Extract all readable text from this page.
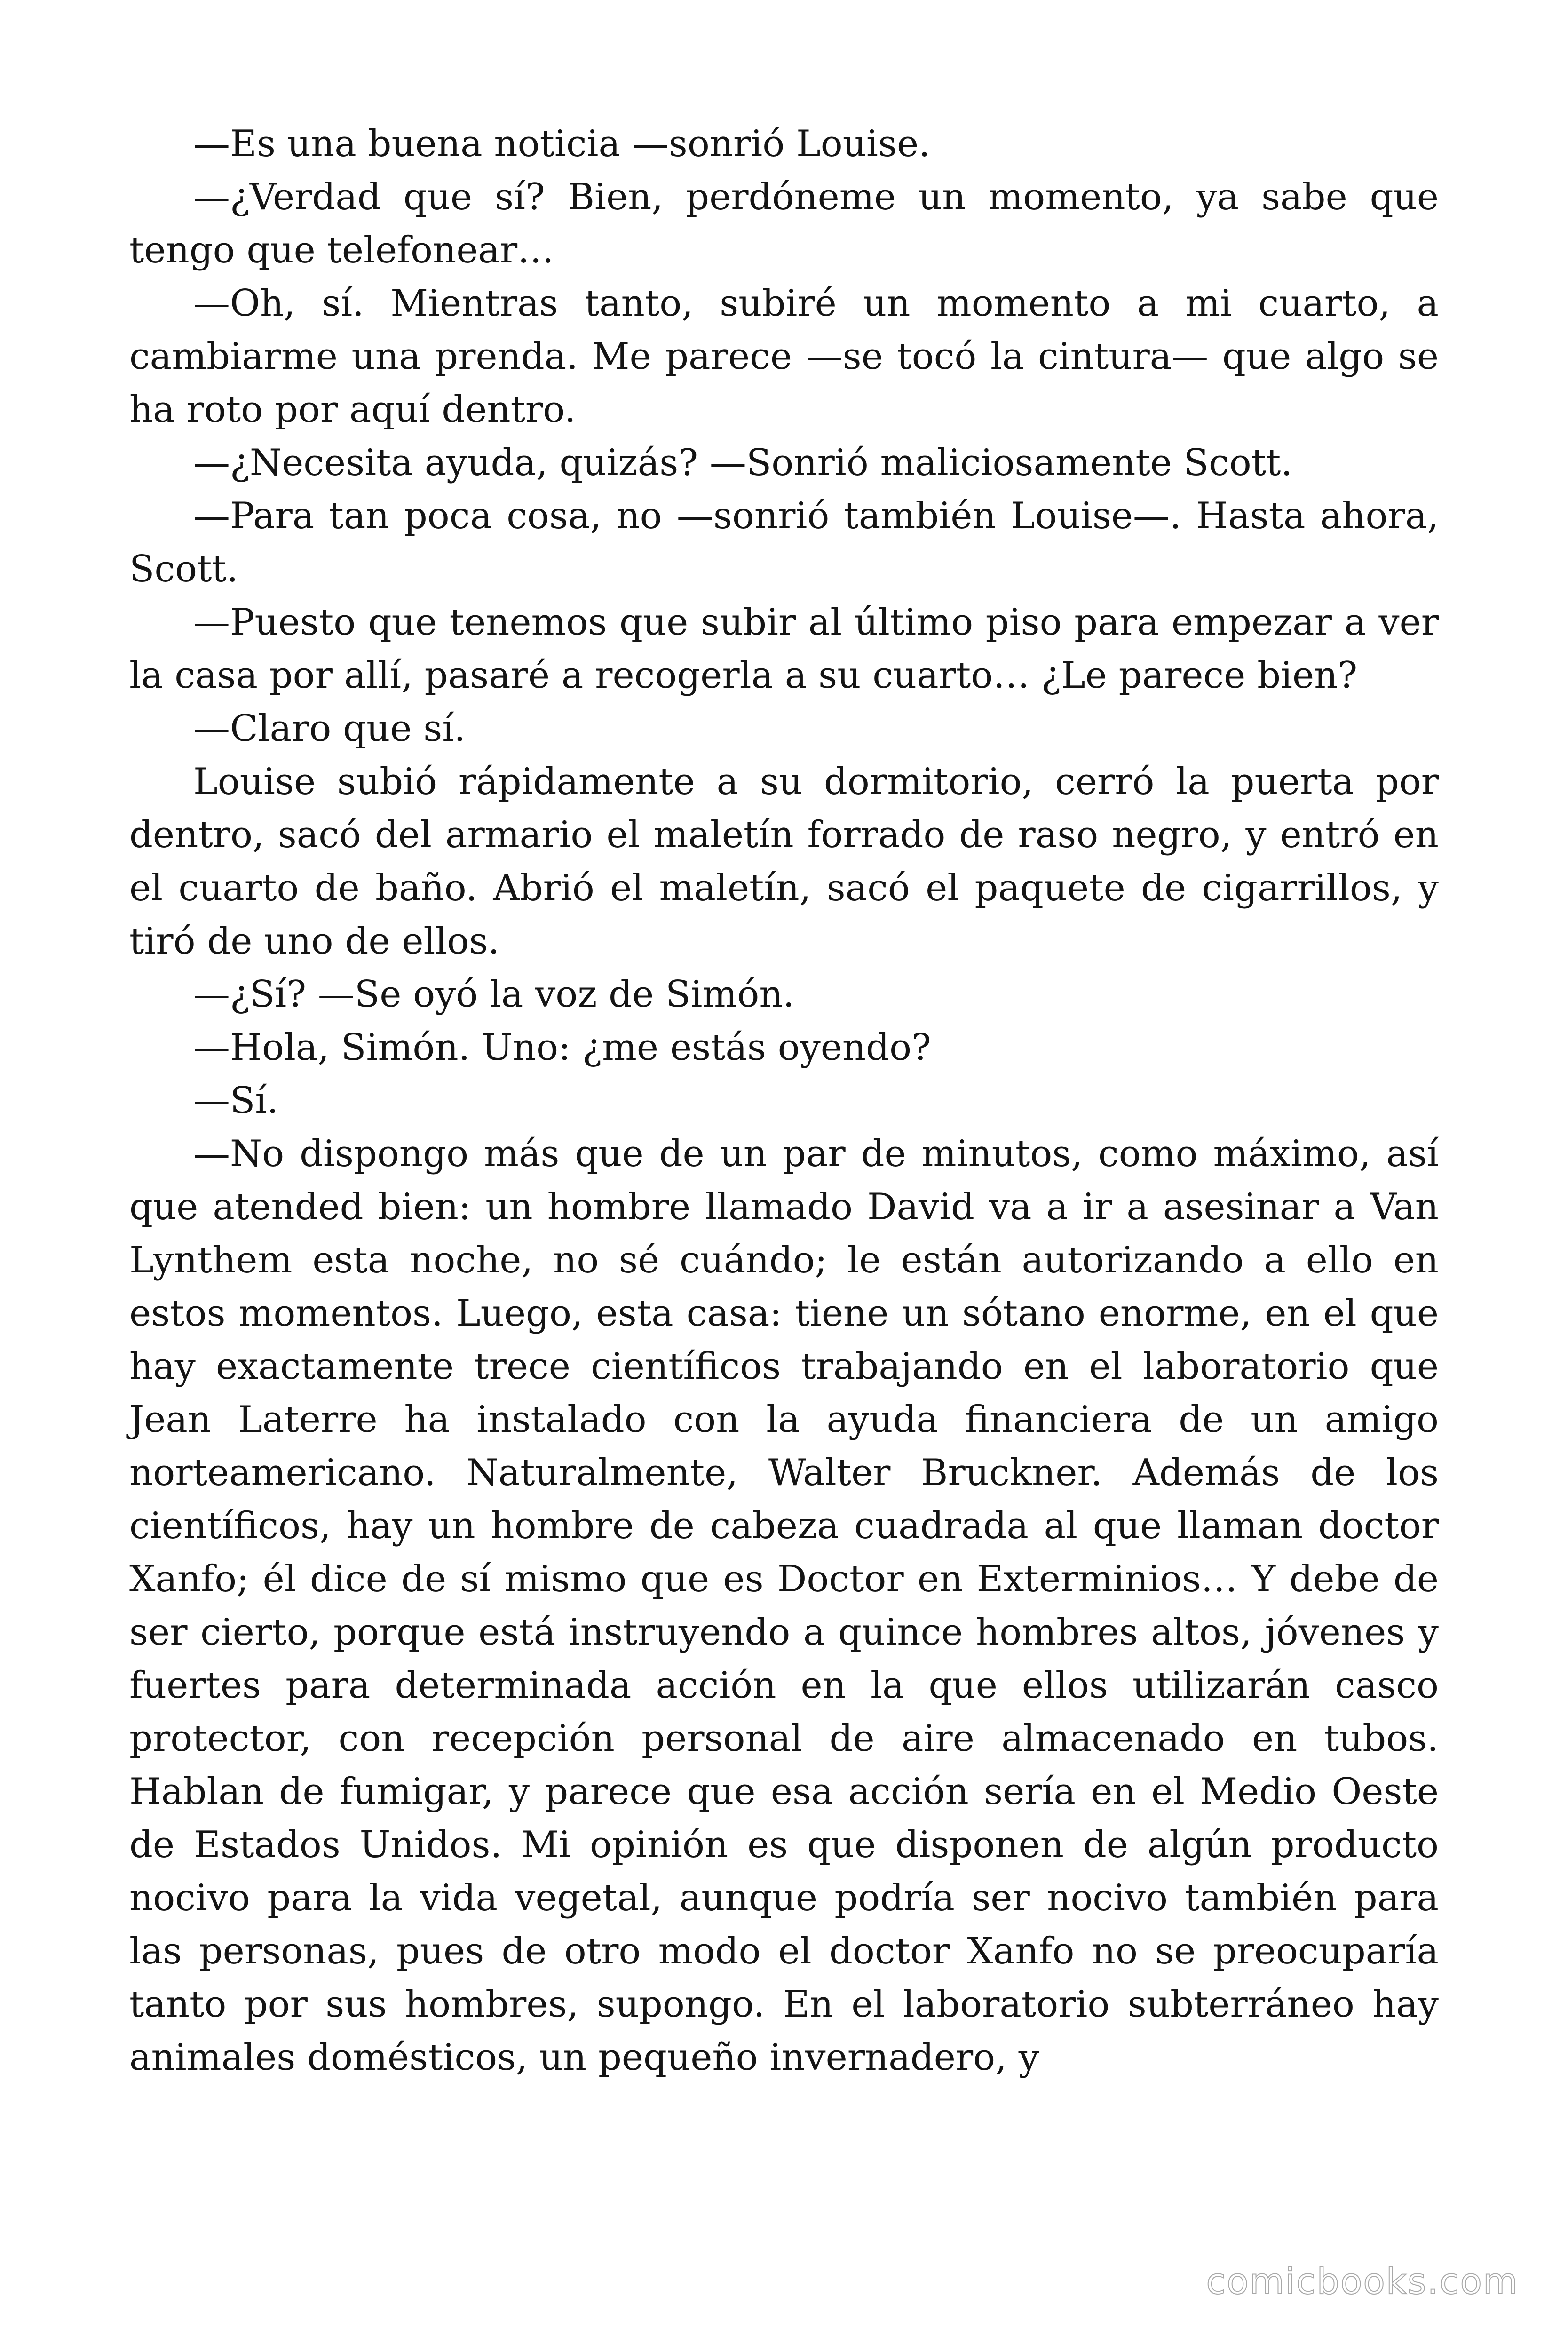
—Es una buena noticia —sonrió Louise.

—¿Verdad que sí? Bien, perdóneme un momento, ya sabe que tengo que telefonear…

—Oh, sí. Mientras tanto, subiré un momento a mi cuarto, a cambiarme una prenda. Me parece —se tocó la cintura— que algo se ha roto por aquí dentro.

—¿Necesita ayuda, quizás? —Sonrió maliciosamente Scott.

—Para tan poca cosa, no —sonrió también Louise—. Hasta ahora, Scott.

—Puesto que tenemos que subir al último piso para empezar a ver la casa por allí, pasaré a recogerla a su cuarto… ¿Le parece bien?

—Claro que sí.

Louise subió rápidamente a su dormitorio, cerró la puerta por dentro, sacó del armario el maletín forrado de raso negro, y entró en el cuarto de baño. Abrió el maletín, sacó el paquete de cigarrillos, y tiró de uno de ellos.

—¿Sí? —Se oyó la voz de Simón.

—Hola, Simón. Uno: ¿me estás oyendo?

—Sí.

—No dispongo más que de un par de minutos, como máximo, así que atended bien: un hombre llamado David va a ir a asesinar a Van Lynthem esta noche, no sé cuándo; le están autorizando a ello en estos momentos. Luego, esta casa: tiene un sótano enorme, en el que hay exactamente trece científicos trabajando en el laboratorio que Jean Laterre ha instalado con la ayuda financiera de un amigo norteamericano. Naturalmente, Walter Bruckner. Además de los científicos, hay un hombre de cabeza cuadrada al que llaman doctor Xanfo; él dice de sí mismo que es Doctor en Exterminios… Y debe de ser cierto, porque está instruyendo a quince hombres altos, jóvenes y fuertes para determinada acción en la que ellos utilizarán casco protector, con recepción personal de aire almacenado en tubos. Hablan de fumigar, y parece que esa acción sería en el Medio Oeste de Estados Unidos. Mi opinión es que disponen de algún producto nocivo para la vida vegetal, aunque podría ser nocivo también para las personas, pues de otro modo el doctor Xanfo no se preocuparía tanto por sus hombres, supongo. En el laboratorio subterráneo hay animales domésticos, un pequeño invernadero, y

comicbooks.com
